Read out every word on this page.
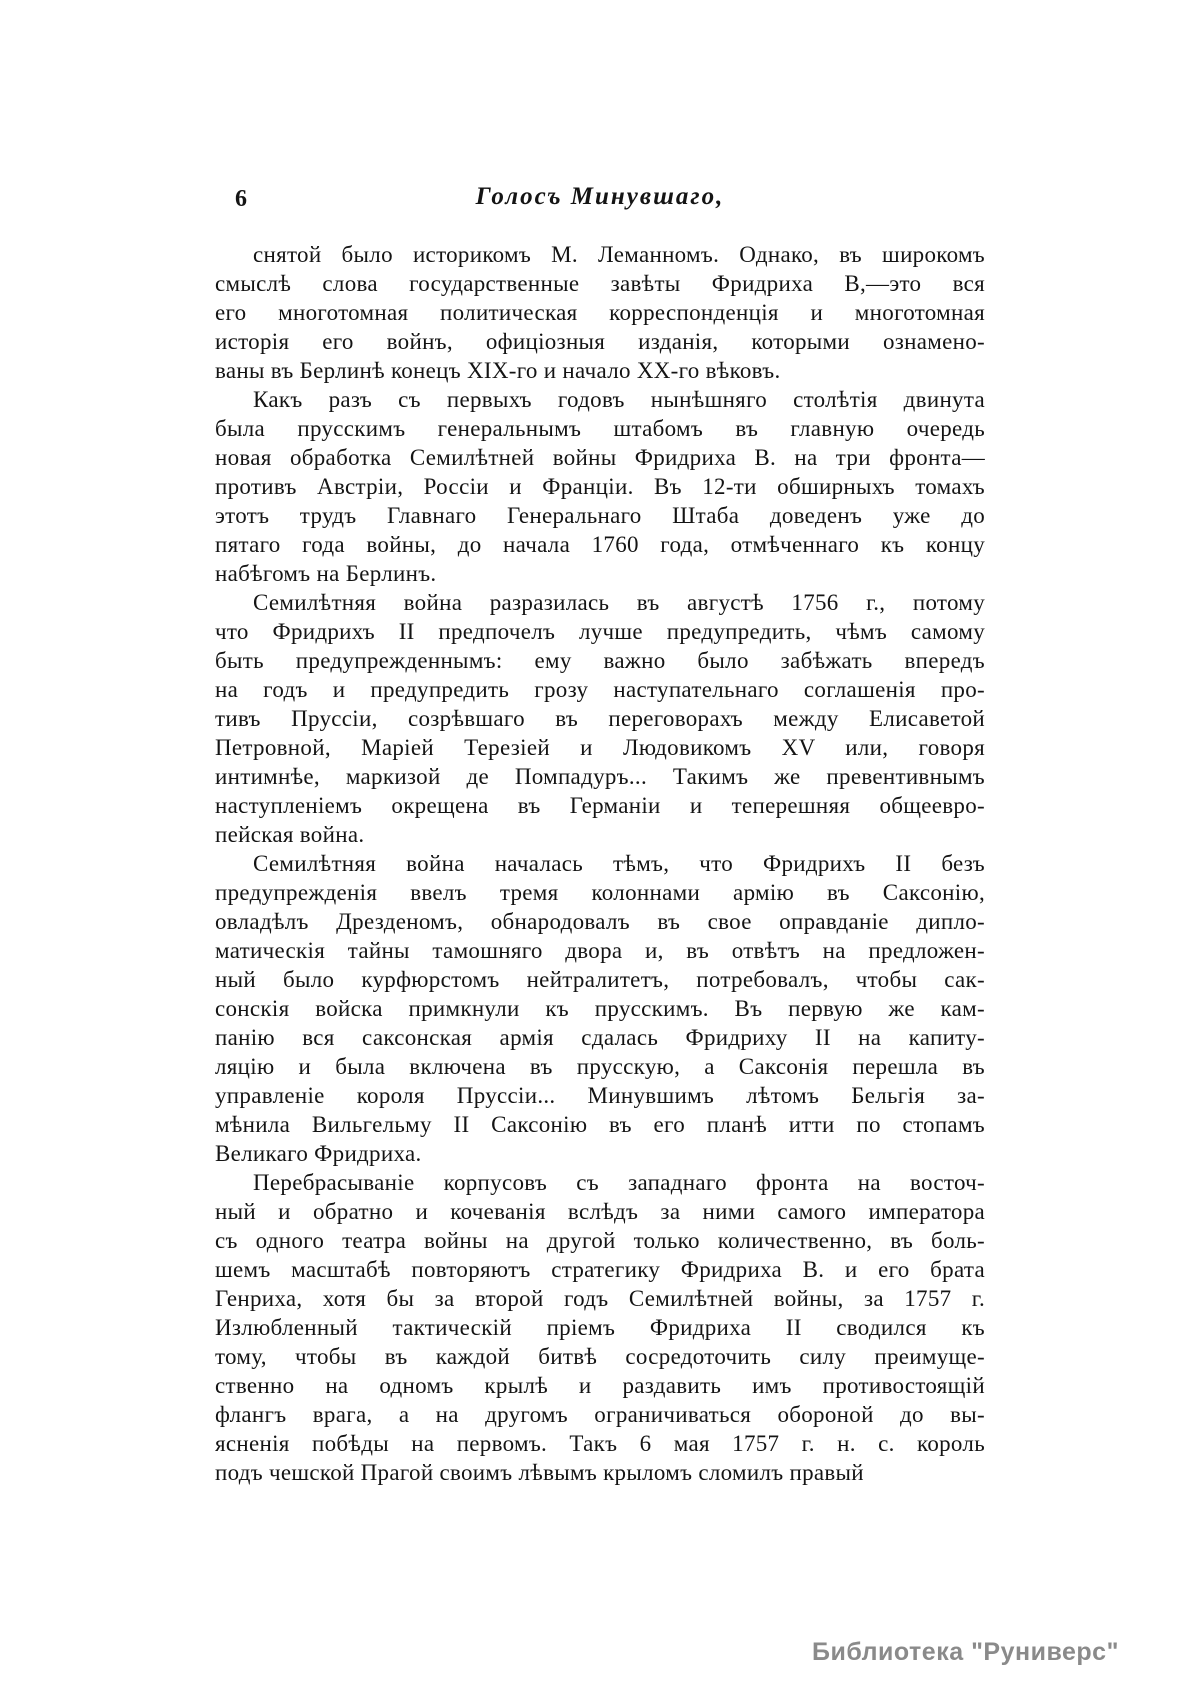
6	Голосъ Минувшаго,
снятой было историкомъ М. Леманномъ. Однако, въ широкомъ
смыслѣ слова государственные завѣты Фридриха В,—это вся
его многотомная политическая корреспонденція и многотомная
исторія его войнъ, офиціозныя изданія, которыми ознамено-
ваны въ Берлинѣ конецъ XIX-го и начало XX-го вѣковъ.
Какъ разъ съ первыхъ годовъ нынѣшняго столѣтія двинута
была прусскимъ генеральнымъ штабомъ въ главную очередь
новая обработка Семилѣтней войны Фридриха В. на три фронта—
противъ Австріи, Россіи и Франціи. Въ 12-ти обширныхъ томахъ
этотъ трудъ Главнаго Генеральнаго Штаба доведенъ уже до
пятаго года войны, до начала 1760 года, отмѣченнаго къ концу
набѣгомъ на Берлинъ.
Семилѣтняя война разразилась въ августѣ 1756 г., потому
что Фридрихъ II предпочелъ лучше предупредить, чѣмъ самому
быть предупрежденнымъ: ему важно было забѣжать впередъ
на годъ и предупредить грозу наступательнаго соглашенія про-
тивъ Пруссіи, созрѣвшаго въ переговорахъ между Елисаветой
Петровной, Маріей Терезіей и Людовикомъ XV или, говоря
интимнѣе, маркизой де Помпадуръ... Такимъ же превентивнымъ
наступленіемъ окрещена въ Германіи и теперешняя общеевро-
пейская война.
Семилѣтняя война началась тѣмъ, что Фридрихъ II безъ
предупрежденія ввелъ тремя колоннами армію въ Саксонію,
овладѣлъ Дрезденомъ, обнародовалъ въ свое оправданіе дипло-
матическія тайны тамошняго двора и, въ отвѣтъ на предложен-
ный было курфюрстомъ нейтралитетъ, потребовалъ, чтобы сак-
сонскія войска примкнули къ прусскимъ. Въ первую же кам-
панію вся саксонская армія сдалась Фридриху II на капиту-
ляцію и была включена въ прусскую, а Саксонія перешла въ
управленіе короля Пруссіи... Минувшимъ лѣтомъ Бельгія за-
мѣнила Вильгельму II Саксонію въ его планѣ итти по стопамъ
Великаго Фридриха.
Перебрасываніе корпусовъ съ западнаго фронта на восточ-
ный и обратно и кочеванія вслѣдъ за ними самого императора
съ одного театра войны на другой только количественно, въ боль-
шемъ масштабѣ повторяютъ стратегику Фридриха В. и его брата
Генриха, хотя бы за второй годъ Семилѣтней войны, за 1757 г.
Излюбленный тактическій пріемъ Фридриха II сводился къ
тому, чтобы въ каждой битвѣ сосредоточить силу преимуще-
ственно на одномъ крылѣ и раздавить имъ противостоящій
флангъ врага, а на другомъ ограничиваться обороной до вы-
ясненія побѣды на первомъ. Такъ 6 мая 1757 г. н. с. король
подъ чешской Прагой своимъ лѣвымъ крыломъ сломилъ правый
Библиотека "Руниверс"
